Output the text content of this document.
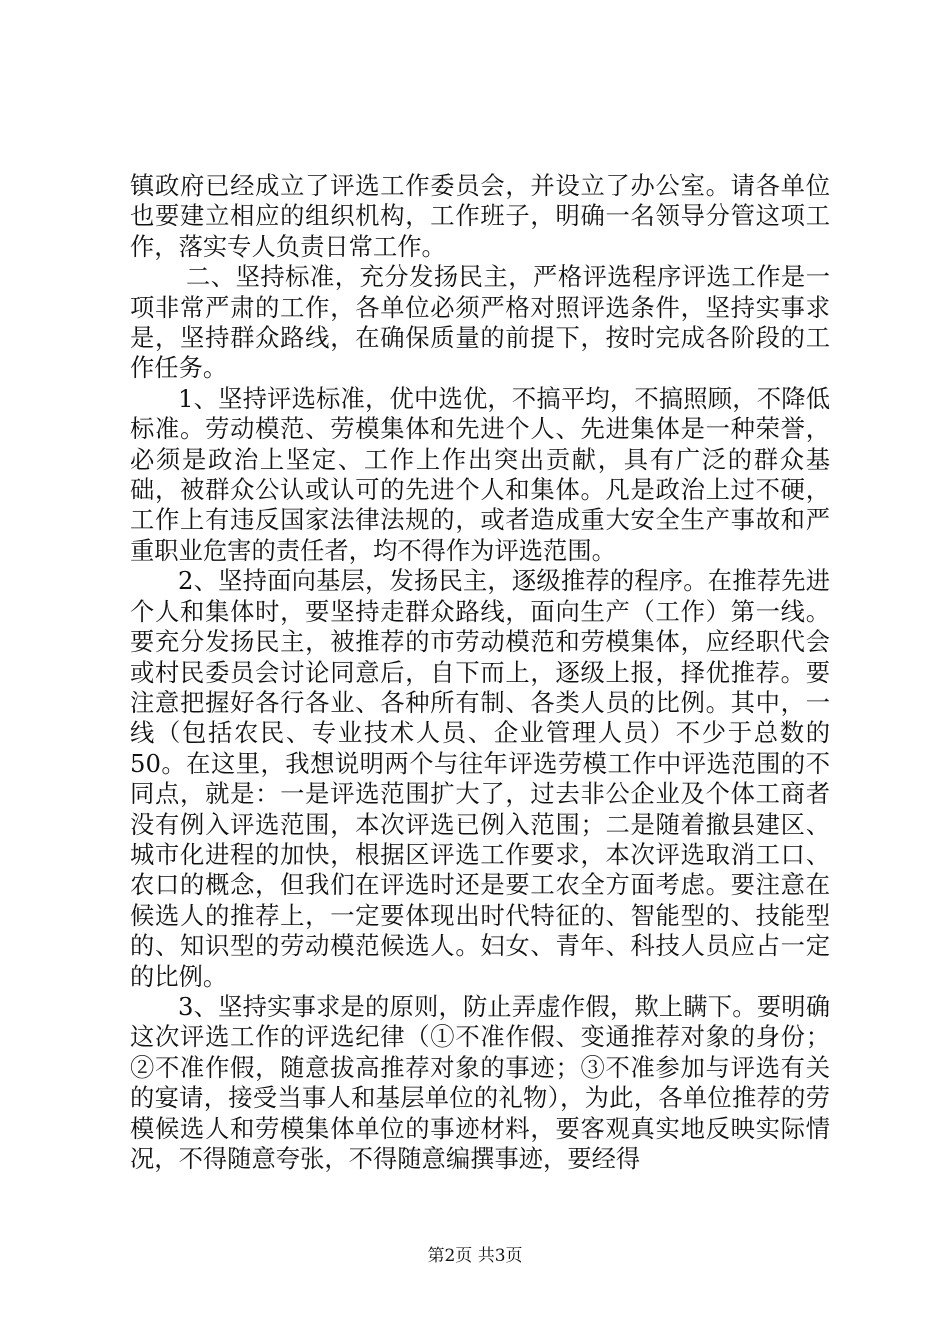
镇政府已经成立了评选工作委员会，并设立了办公室。请各单位也要建立相应的组织机构，工作班子，明确一名领导分管这项工作，落实专人负责日常工作。

二、坚持标准，充分发扬民主，严格评选程序评选工作是一项非常严肃的工作，各单位必须严格对照评选条件，坚持实事求是，坚持群众路线，在确保质量的前提下，按时完成各阶段的工作任务。

1、坚持评选标准，优中选优，不搞平均，不搞照顾，不降低标准。劳动模范、劳模集体和先进个人、先进集体是一种荣誉，必须是政治上坚定、工作上作出突出贡献，具有广泛的群众基础，被群众公认或认可的先进个人和集体。凡是政治上过不硬，工作上有违反国家法律法规的，或者造成重大安全生产事故和严重职业危害的责任者，均不得作为评选范围。

2、坚持面向基层，发扬民主，逐级推荐的程序。在推荐先进个人和集体时，要坚持走群众路线，面向生产（工作）第一线。要充分发扬民主，被推荐的市劳动模范和劳模集体，应经职代会或村民委员会讨论同意后，自下而上，逐级上报，择优推荐。要注意把握好各行各业、各种所有制、各类人员的比例。其中，一线（包括农民、专业技术人员、企业管理人员）不少于总数的50。在这里，我想说明两个与往年评选劳模工作中评选范围的不同点，就是：一是评选范围扩大了，过去非公企业及个体工商者没有例入评选范围，本次评选已例入范围；二是随着撤县建区、城市化进程的加快，根据区评选工作要求，本次评选取消工口、农口的概念，但我们在评选时还是要工农全方面考虑。要注意在候选人的推荐上，一定要体现出时代特征的、智能型的、技能型的、知识型的劳动模范候选人。妇女、青年、科技人员应占一定的比例。

3、坚持实事求是的原则，防止弄虚作假，欺上瞒下。要明确这次评选工作的评选纪律（①不准作假、变通推荐对象的身份；②不准作假，随意拔高推荐对象的事迹；③不准参加与评选有关的宴请，接受当事人和基层单位的礼物），为此，各单位推荐的劳模候选人和劳模集体单位的事迹材料，要客观真实地反映实际情况，不得随意夸张，不得随意编撰事迹，要经得

第2页 共3页
